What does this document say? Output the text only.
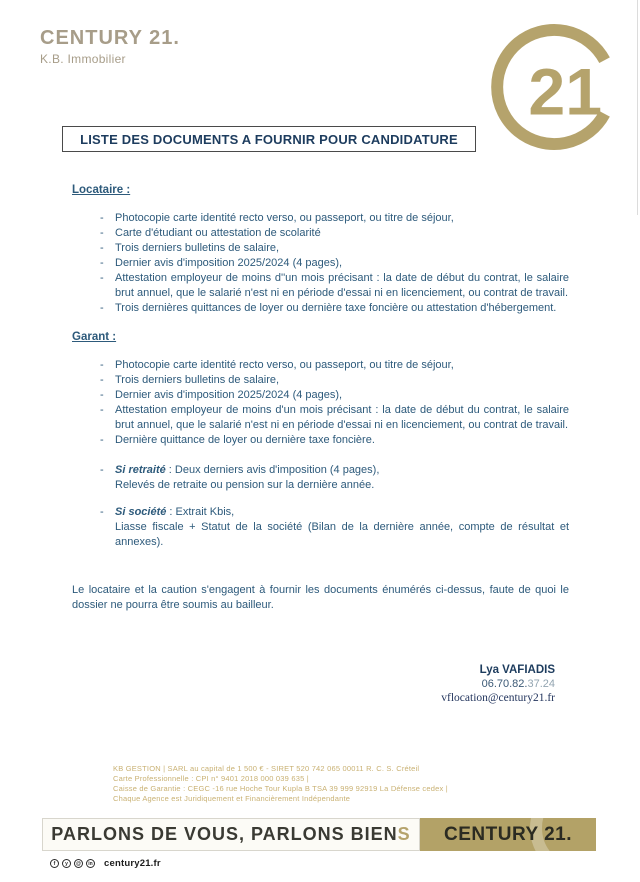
CENTURY 21.
K.B. Immobilier	21
LISTE DES DOCUMENTS A FOURNIR POUR CANDIDATURE
Locataire :
- Photocopie carte identité recto verso, ou passeport, ou titre de séjour,
- Carte d'étudiant ou attestation de scolarité
- Trois derniers bulletins de salaire,
- Dernier avis d'imposition 2025/2024 (4 pages),
- Attestation employeur de moins d''un mois précisant : la date de début du contrat, le salaire brut annuel, que le salarié n'est ni en période d'essai ni en licenciement, ou contrat de travail.
- Trois dernières quittances de loyer ou dernière taxe foncière ou attestation d'hébergement.
Garant :
- Photocopie carte identité recto verso, ou passeport, ou titre de séjour,
- Trois derniers bulletins de salaire,
- Dernier avis d'imposition 2025/2024 (4 pages),
- Attestation employeur de moins d'un mois précisant : la date de début du contrat, le salaire brut annuel, que le salarié n'est ni en période d'essai ni en licenciement, ou contrat de travail.
- Dernière quittance de loyer ou dernière taxe foncière.
- Si retraité : Deux derniers avis d'imposition (4 pages),
Relevés de retraite ou pension sur la dernière année.
- Si société : Extrait Kbis,
Liasse fiscale + Statut de la société (Bilan de la dernière année, compte de résultat et annexes).

Le locataire et la caution s'engagent à fournir les documents énumérés ci-dessus, faute de quoi le dossier ne pourra être soumis au bailleur.

Lya VAFIADIS
06.70.82.37.24
vflocation@century21.fr
KB GESTION | SARL au capital de 1 500 € - SIRET 520 742 065 00011 R. C. S. Créteil
Carte Professionnelle : CPI n° 9401 2018 000 039 635 |
Caisse de Garantie : CEGC -16 rue Hoche Tour Kupla B TSA 39 999 92919 La Défense cedex |
Chaque Agence est Juridiquement et Financièrement Indépendante
PARLONS DE VOUS, PARLONS BIENS CENTURY 21.
f y @ in century21.fr
